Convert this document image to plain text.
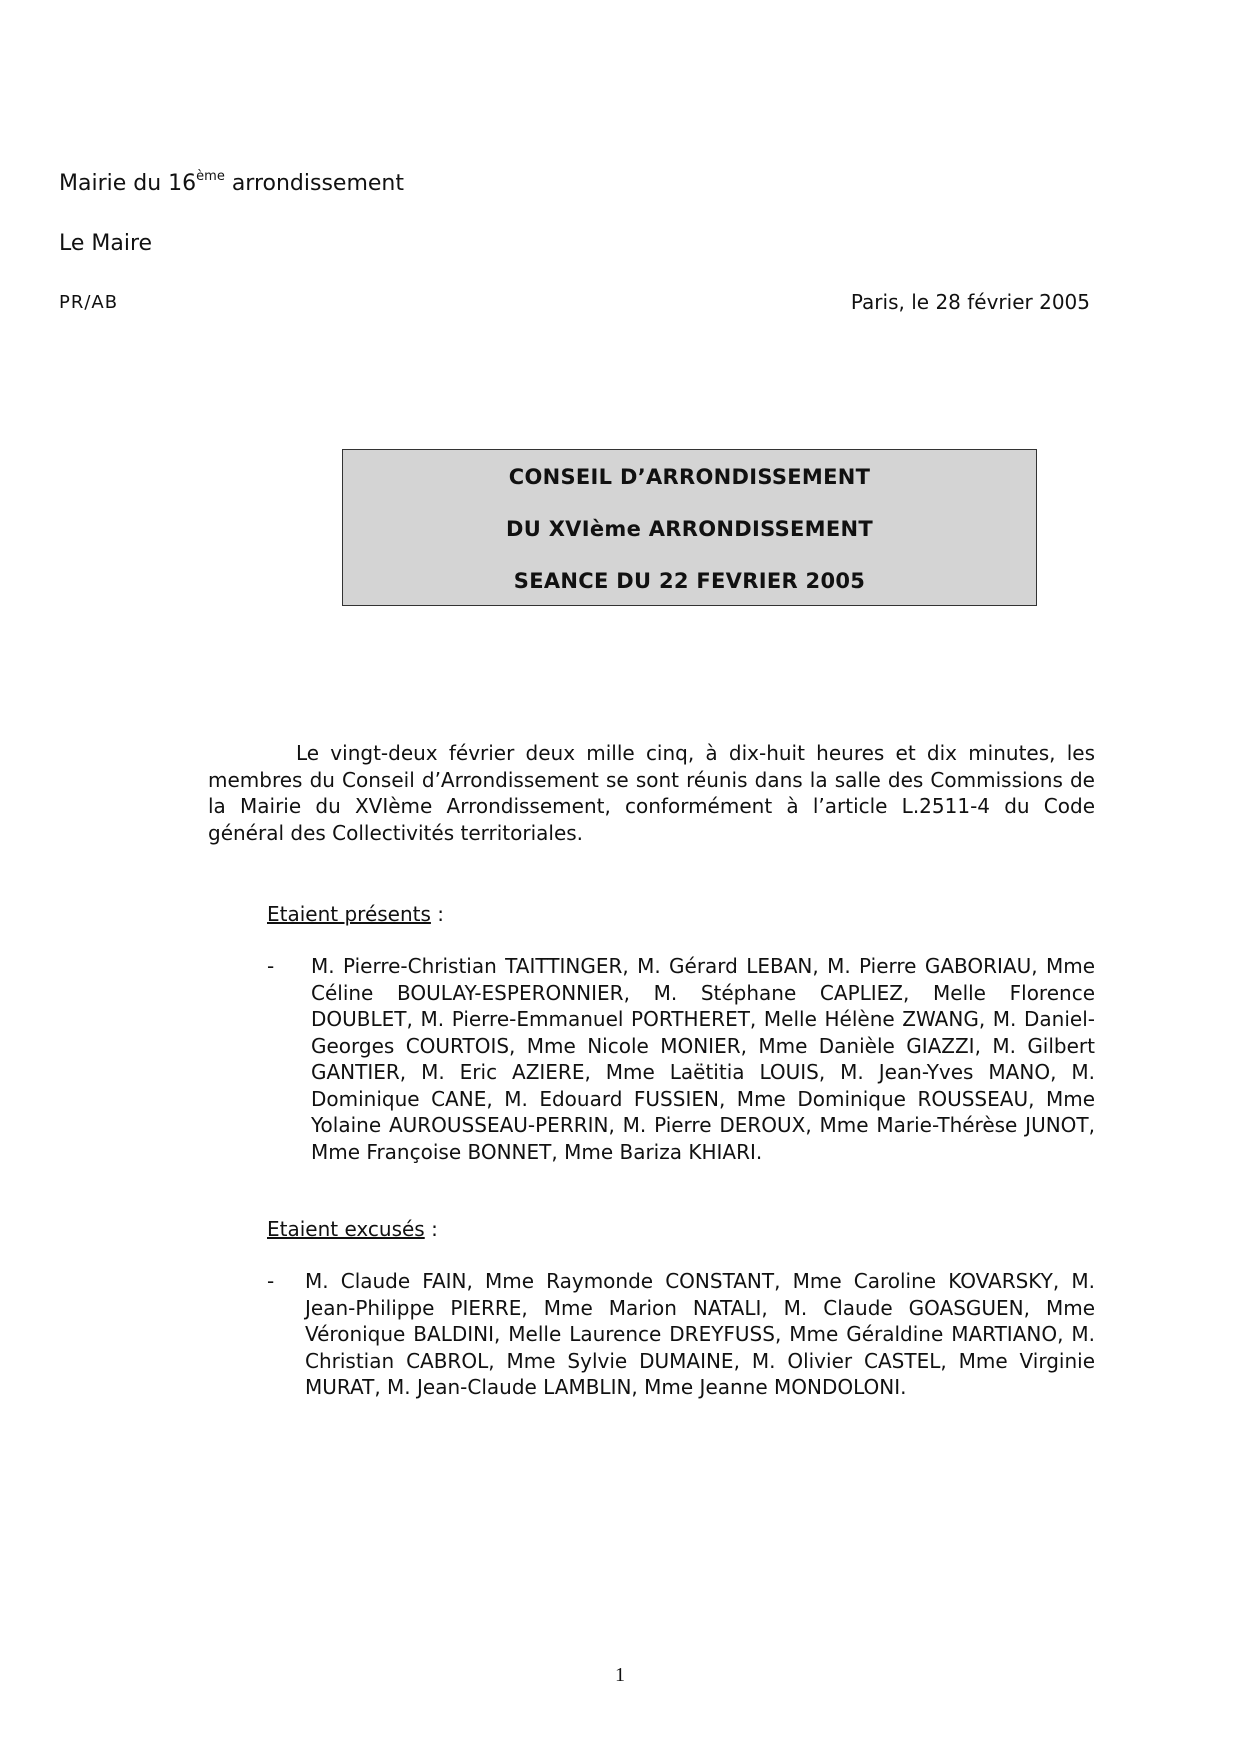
Mairie du 16ème arrondissement
Le Maire
PR/AB	Paris, le 28 février 2005
CONSEIL D’ARRONDISSEMENT
DU XVIème ARRONDISSEMENT
SEANCE DU 22 FEVRIER 2005

Le vingt-deux février deux mille cinq, à dix-huit heures et dix minutes, les membres du Conseil d’Arrondissement se sont réunis dans la salle des Commissions de la Mairie du XVIème Arrondissement, conformément à l’article L.2511-4 du Code général des Collectivités territoriales.

Etaient présents :
- M. Pierre-Christian TAITTINGER, M. Gérard LEBAN, M. Pierre GABORIAU, Mme Céline BOULAY-ESPERONNIER, M. Stéphane CAPLIEZ, Melle Florence DOUBLET, M. Pierre-Emmanuel PORTHERET, Melle Hélène ZWANG, M. Daniel-Georges COURTOIS, Mme Nicole MONIER, Mme Danièle GIAZZI, M. Gilbert GANTIER, M. Eric AZIERE, Mme Laëtitia LOUIS, M. Jean-Yves MANO, M. Dominique CANE, M. Edouard FUSSIEN, Mme Dominique ROUSSEAU, Mme Yolaine AUROUSSEAU-PERRIN, M. Pierre DEROUX, Mme Marie-Thérèse JUNOT, Mme Françoise BONNET, Mme Bariza KHIARI.

Etaient excusés :
- M. Claude FAIN, Mme Raymonde CONSTANT, Mme Caroline KOVARSKY, M. Jean-Philippe PIERRE, Mme Marion NATALI, M. Claude GOASGUEN, Mme Véronique BALDINI, Melle Laurence DREYFUSS, Mme Géraldine MARTIANO, M. Christian CABROL, Mme Sylvie DUMAINE, M. Olivier CASTEL, Mme Virginie MURAT, M. Jean-Claude LAMBLIN, Mme Jeanne MONDOLONI.

1
